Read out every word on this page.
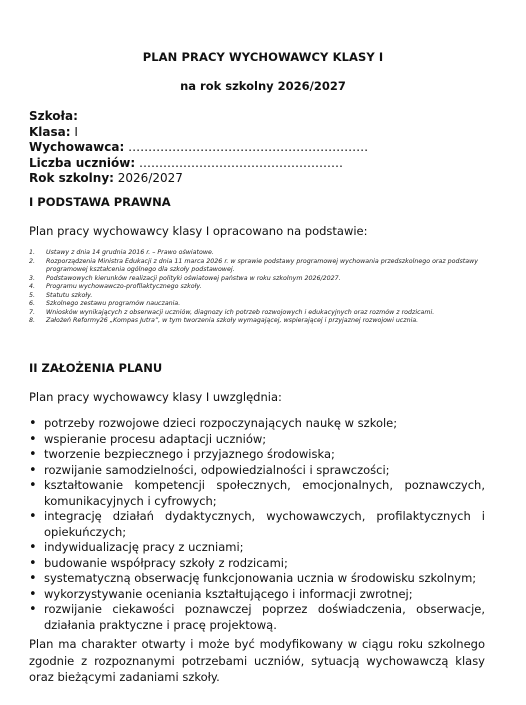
PLAN PRACY WYCHOWAWCY KLASY I
na rok szkolny 2026/2027
Szkoła:
Klasa: I
Wychowawca: ……………………………………………………
Liczba uczniów: ……………………………………………
Rok szkolny: 2026/2027
I PODSTAWA PRAWNA
Plan pracy wychowawcy klasy I opracowano na podstawie:
1.	Ustawy z dnia 14 grudnia 2016 r. – Prawo oświatowe.
2.	Rozporządzenia Ministra Edukacji z dnia 11 marca 2026 r. w sprawie podstawy programowej wychowania przedszkolnego oraz podstawy programowej kształcenia ogólnego dla szkoły podstawowej.
3.	Podstawowych kierunków realizacji polityki oświatowej państwa w roku szkolnym 2026/2027.
4.	Programu wychowawczo-profilaktycznego szkoły.
5.	Statutu szkoły.
6.	Szkolnego zestawu programów nauczania.
7.	Wniosków wynikających z obserwacji uczniów, diagnozy ich potrzeb rozwojowych i edukacyjnych oraz rozmów z rodzicami.
8.	Założeń Reformy26 „Kompas Jutra”, w tym tworzenia szkoły wymagającej, wspierającej i przyjaznej rozwojowi ucznia.
II ZAŁOŻENIA PLANU
Plan pracy wychowawcy klasy I uwzględnia:
• potrzeby rozwojowe dzieci rozpoczynających naukę w szkole;
• wspieranie procesu adaptacji uczniów;
• tworzenie bezpiecznego i przyjaznego środowiska;
• rozwijanie samodzielności, odpowiedzialności i sprawczości;
• kształtowanie kompetencji społecznych, emocjonalnych, poznawczych, komunikacyjnych i cyfrowych;
• integrację działań dydaktycznych, wychowawczych, profilaktycznych i opiekuńczych;
• indywidualizację pracy z uczniami;
• budowanie współpracy szkoły z rodzicami;
• systematyczną obserwację funkcjonowania ucznia w środowisku szkolnym;
• wykorzystywanie oceniania kształtującego i informacji zwrotnej;
• rozwijanie ciekawości poznawczej poprzez doświadczenia, obserwacje, działania praktyczne i pracę projektową.
Plan ma charakter otwarty i może być modyfikowany w ciągu roku szkolnego zgodnie z rozpoznanymi potrzebami uczniów, sytuacją wychowawczą klasy oraz bieżącymi zadaniami szkoły.
